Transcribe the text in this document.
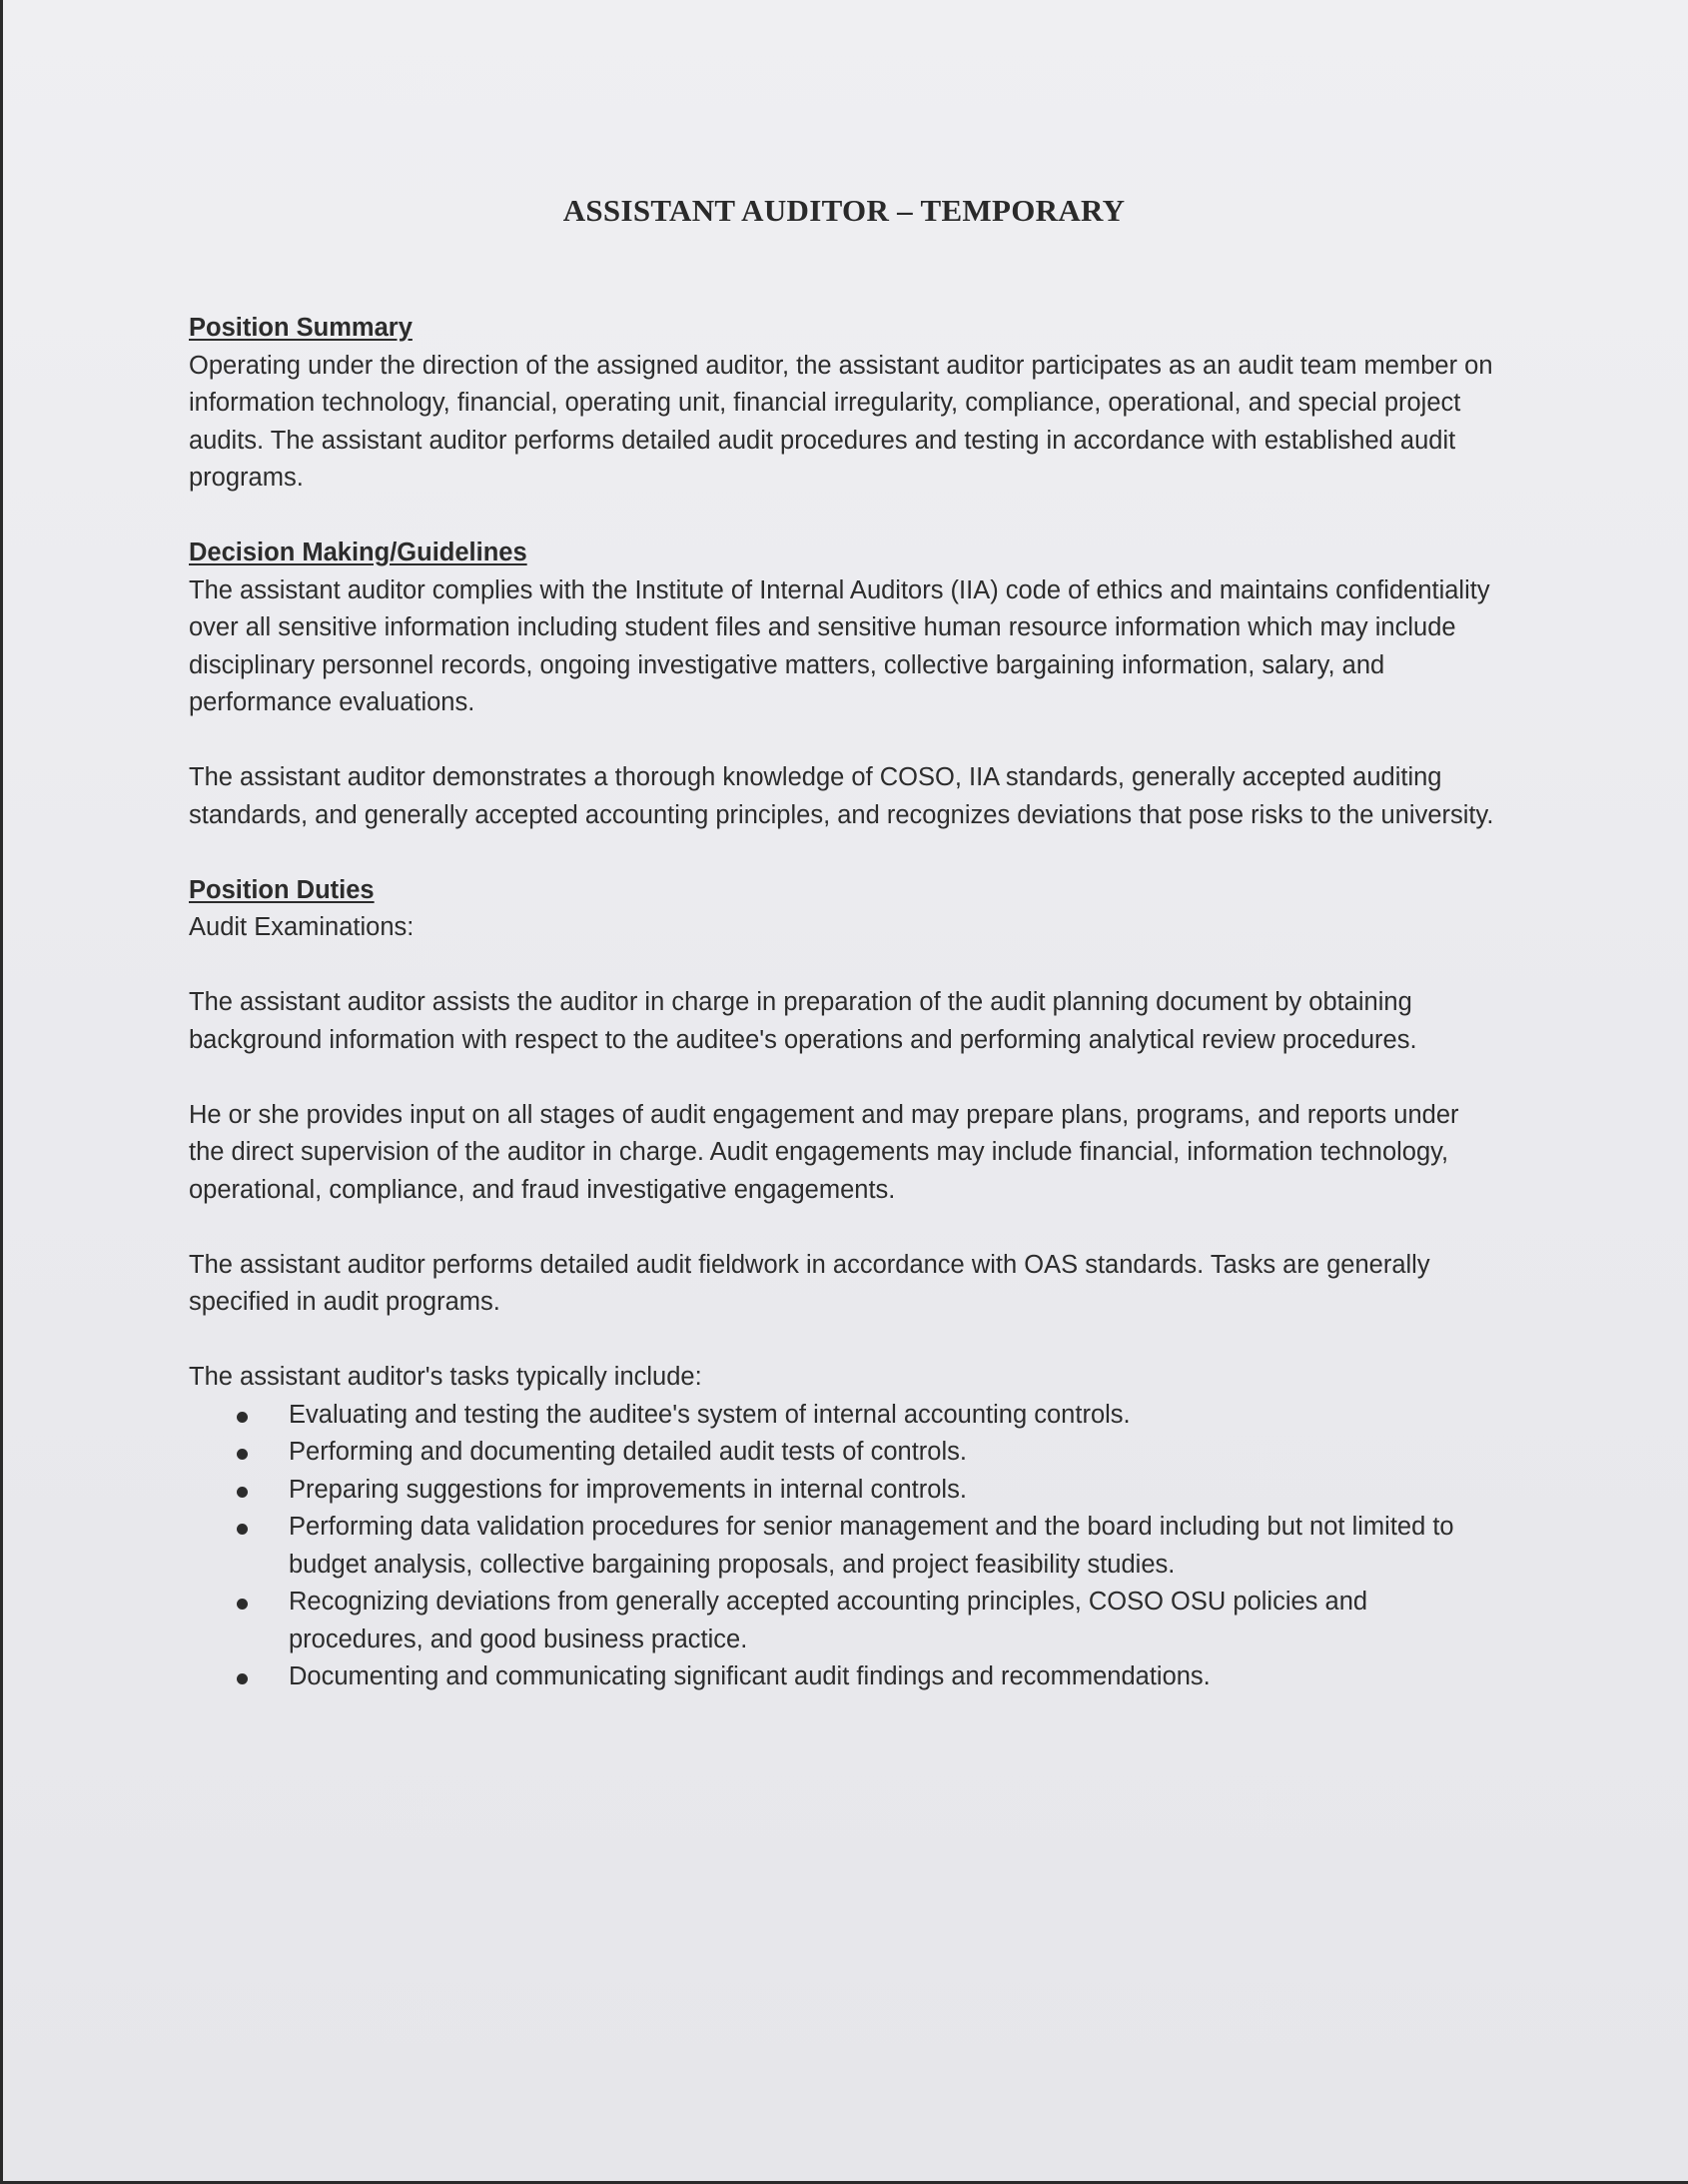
ASSISTANT AUDITOR – TEMPORARY

Position Summary

Operating under the direction of the assigned auditor, the assistant auditor participates as an audit team member on information technology, financial, operating unit, financial irregularity, compliance, operational, and special project audits. The assistant auditor performs detailed audit procedures and testing in accordance with established audit programs.

Decision Making/Guidelines

The assistant auditor complies with the Institute of Internal Auditors (IIA) code of ethics and maintains confidentiality over all sensitive information including student files and sensitive human resource information which may include disciplinary personnel records, ongoing investigative matters, collective bargaining information, salary, and performance evaluations.

The assistant auditor demonstrates a thorough knowledge of COSO, IIA standards, generally accepted auditing standards, and generally accepted accounting principles, and recognizes deviations that pose risks to the university.

Position Duties

Audit Examinations:

The assistant auditor assists the auditor in charge in preparation of the audit planning document by obtaining background information with respect to the auditee's operations and performing analytical review procedures.

He or she provides input on all stages of audit engagement and may prepare plans, programs, and reports under the direct supervision of the auditor in charge. Audit engagements may include financial, information technology, operational, compliance, and fraud investigative engagements.

The assistant auditor performs detailed audit fieldwork in accordance with OAS standards. Tasks are generally specified in audit programs.

The assistant auditor's tasks typically include:

Evaluating and testing the auditee's system of internal accounting controls.
Performing and documenting detailed audit tests of controls.
Preparing suggestions for improvements in internal controls.
Performing data validation procedures for senior management and the board including but not limited to budget analysis, collective bargaining proposals, and project feasibility studies.
Recognizing deviations from generally accepted accounting principles, COSO OSU policies and procedures, and good business practice.
Documenting and communicating significant audit findings and recommendations.
